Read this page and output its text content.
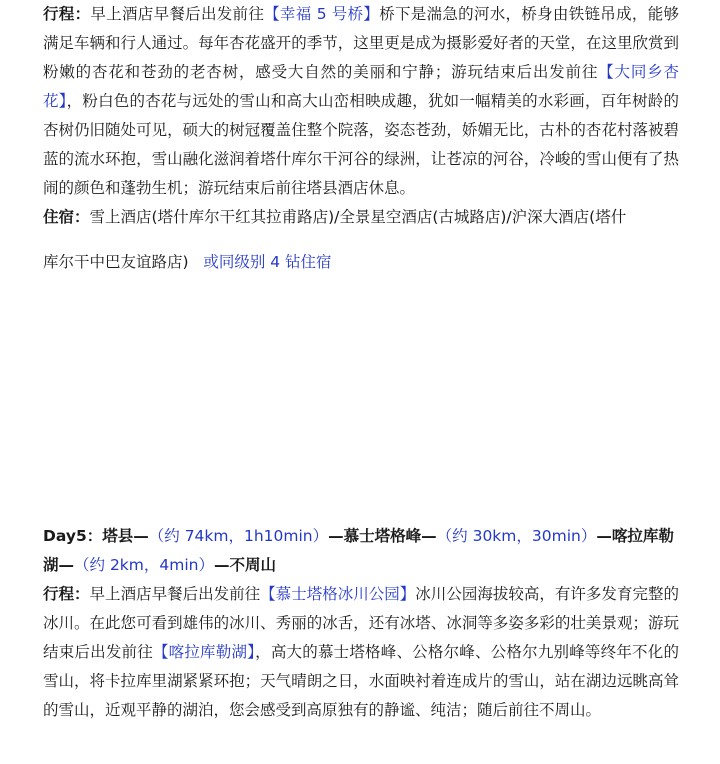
行程：早上酒店早餐后出发前往【幸福 5 号桥】桥下是湍急的河水，桥身由铁链吊成，能够满足车辆和行人通过。每年杏花盛开的季节，这里更是成为摄影爱好者的天堂，在这里欣赏到粉嫩的杏花和苍劲的老杏树，感受大自然的美丽和宁静；游玩结束后出发前往【大同乡杏花】，粉白色的杏花与远处的雪山和高大山峦相映成趣，犹如一幅精美的水彩画，百年树龄的杏树仍旧随处可见，硕大的树冠覆盖住整个院落，姿态苍劲，娇媚无比，古朴的杏花村落被碧蓝的流水环抱，雪山融化滋润着塔什库尔干河谷的绿洲，让苍凉的河谷，冷峻的雪山便有了热闹的颜色和蓬勃生机；游玩结束后前往塔县酒店休息。

住宿：雪上酒店(塔什库尔干红其拉甫路店)/全景星空酒店(古城路店)/沪深大酒店(塔什

库尔干中巴友谊路店) 或同级别 4 钻住宿

Day5：塔县—（约 74km，1h10min）—慕士塔格峰—（约 30km，30min）—喀拉库勒湖—（约 2km，4min）—不周山

行程：早上酒店早餐后出发前往【慕士塔格冰川公园】冰川公园海拔较高，有许多发育完整的冰川。在此您可看到雄伟的冰川、秀丽的冰舌，还有冰塔、冰洞等多姿多彩的壮美景观；游玩结束后出发前往【喀拉库勒湖】，高大的慕士塔格峰、公格尔峰、公格尔九别峰等终年不化的雪山，将卡拉库里湖紧紧环抱；天气晴朗之日，水面映衬着连成片的雪山，站在湖边远眺高耸的雪山，近观平静的湖泊，您会感受到高原独有的静谧、纯洁；随后前往不周山。
